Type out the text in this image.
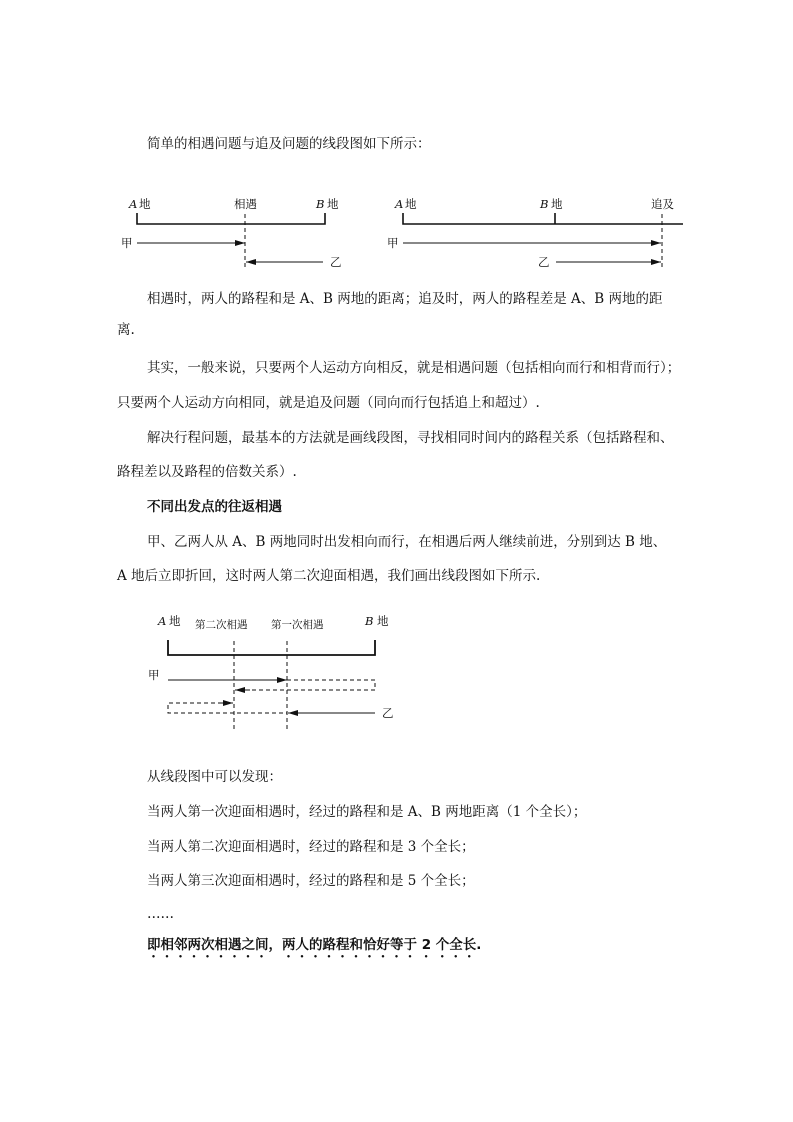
简单的相遇问题与追及问题的线段图如下所示：
A 地	相遇	B 地
甲
乙
A 地	B 地	追及
甲
乙
A 地 第二次相遇 第一次相遇	B 地
甲
乙
相遇时，两人的路程和是 A、B 两地的距离；追及时，两人的路程差是 A、B 两地的距
离.
其实，一般来说，只要两个人运动方向相反，就是相遇问题（包括相向而行和相背而行）；
只要两个人运动方向相同，就是追及问题（同向而行包括追上和超过）.
解决行程问题，最基本的方法就是画线段图，寻找相同时间内的路程关系（包括路程和、
路程差以及路程的倍数关系）.
不同出发点的往返相遇
甲、乙两人从 A、B 两地同时出发相向而行，在相遇后两人继续前进，分别到达 B 地、
A 地后立即折回，这时两人第二次迎面相遇，我们画出线段图如下所示.
从线段图中可以发现：
当两人第一次迎面相遇时，经过的路程和是 A、B 两地距离（1 个全长）；
当两人第二次迎面相遇时，经过的路程和是 3 个全长；
当两人第三次迎面相遇时，经过的路程和是 5 个全长；
……
即相邻两次相遇之间，两人的路程和恰好等于 2 个全长.
